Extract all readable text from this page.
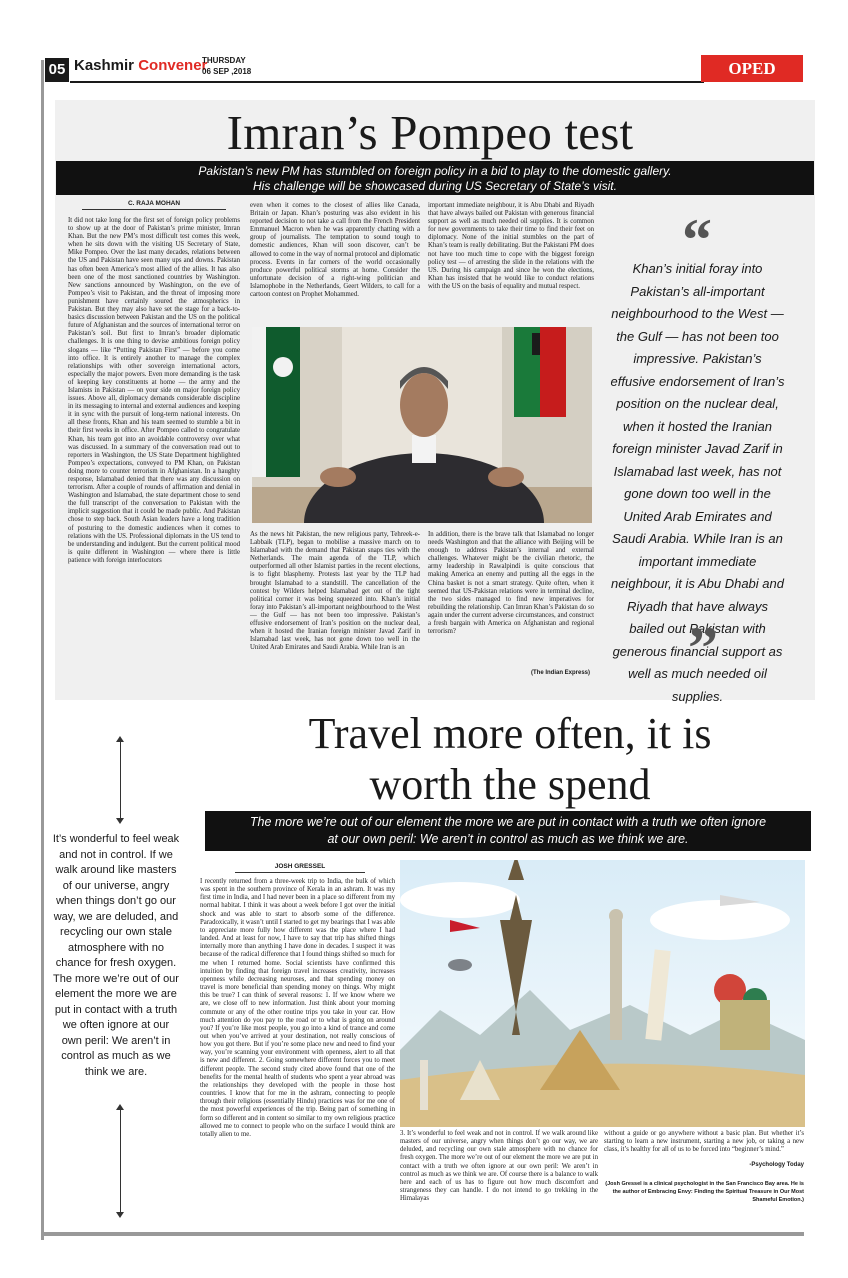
05 Kashmir Convener
THURSDAY
06 SEP ,2018	OPED
Imran’s Pompeo test
Pakistan’s new PM has stumbled on foreign policy in a bid to play to the domestic gallery.
His challenge will be showcased during US Secretary of State’s visit.
C. RAJA MOHAN
It did not take long for the first set of foreign policy problems to show up at the door of Pakistan’s prime minister, Imran Khan. But the new PM’s most difficult test comes this week, when he sits down with the visiting US Secretary of State, Mike Pompeo. Over the last many decades, relations between the US and Pakistan have seen many ups and downs. Pakistan has often been America’s most allied of the allies. It has also been one of the most sanctioned countries by Washington. New sanctions announced by Washington, on the eve of Pompeo’s visit to Pakistan, and the threat of imposing more punishment have certainly soured the atmospherics in Pakistan. But they may also have set the stage for a back-to-basics discussion between Pakistan and the US on the political future of Afghanistan and the sources of international terror on Pakistan’s soil. But first to Imran’s broader diplomatic challenges. It is one thing to devise ambitious foreign policy slogans — like “Putting Pakistan First” — before you come into office. It is entirely another to manage the complex relationships with other sovereign international actors, especially the major powers. Even more demanding is the task of keeping key constituents at home — the army and the Islamists in Pakistan — on your side on major foreign policy issues. Above all, diplomacy demands considerable discipline in its messaging to internal and external audiences and keeping it in sync with the pursuit of long-term national interests. On all these fronts, Khan and his team seemed to stumble a bit in their first weeks in office. After Pompeo called to congratulate Khan, his team got into an avoidable controversy over what was discussed. In a summary of the conversation read out to reporters in Washington, the US State Department highlighted Pompeo’s expectations, conveyed to PM Khan, on Pakistan doing more to counter terrorism in Afghanistan. In a haughty response, Islamabad denied that there was any discussion on terrorism. After a couple of rounds of affirmation and denial in Washington and Islamabad, the state department chose to send the full transcript of the conversation to Pakistan with the implicit suggestion that it could be made public. And Pakistan chose to step back. South Asian leaders have a long tradition of posturing to the domestic audiences when it comes to relations with the US. Professional diplomats in the US tend to be understanding and indulgent. But the current political mood is quite different in Washington — where there is little patience with foreign interlocutors
even when it comes to the closest of allies like Canada, Britain or Japan. Khan’s posturing was also evident in his reported decision to not take a call from the French President Emmanuel Macron when he was apparently chatting with a group of journalists. The temptation to sound tough to domestic audiences, Khan will soon discover, can’t be allowed to come in the way of normal protocol and diplomatic process. Events in far corners of the world occasionally produce powerful political storms at home. Consider the unfortunate decision of a right-wing politician and Islamophobe in the Netherlands, Geert Wilders, to call for a cartoon contest on Prophet Mohammed.
important immediate neighbour, it is Abu Dhabi and Riyadh that have always bailed out Pakistan with generous financial support as well as much needed oil supplies. It is common for new governments to take their time to find their feet on diplomacy. None of the initial stumbles on the part of Khan’s team is really debilitating. But the Pakistani PM does not have too much time to cope with the biggest foreign policy test — of arresting the slide in the relations with the US. During his campaign and since he won the elections, Khan has insisted that he would like to conduct relations with the US on the basis of equality and mutual respect.
As the news hit Pakistan, the new religious party, Tehreek-e-Labbaik (TLP), began to mobilise a massive march on to Islamabad with the demand that Pakistan snaps ties with the Netherlands. The main agenda of the TLP, which outperformed all other Islamist parties in the recent elections, is to fight blasphemy. Protests last year by the TLP had brought Islamabad to a standstill. The cancellation of the contest by Wilders helped Islamabad get out of the tight political corner it was being squeezed into. Khan’s initial foray into Pakistan’s all-important neighbourhood to the West — the Gulf — has not been too impressive. Pakistan’s effusive endorsement of Iran’s position on the nuclear deal, when it hosted the Iranian foreign minister Javad Zarif in Islamabad last week, has not gone down too well in the United Arab Emirates and Saudi Arabia. While Iran is an
In addition, there is the brave talk that Islamabad no longer needs Washington and that the alliance with Beijing will be enough to address Pakistan’s internal and external challenges. Whatever might be the civilian rhetoric, the army leadership in Rawalpindi is quite conscious that making America an enemy and putting all the eggs in the China basket is not a smart strategy. Quite often, when it seemed that US-Pakistan relations were in terminal decline, the two sides managed to find new imperatives for rebuilding the relationship. Can Imran Khan’s Pakistan do so again under the current adverse circumstances, and construct a fresh bargain with America on Afghanistan and regional terrorism?
(The Indian Express)
“
Khan’s initial foray into Pakistan’s all-important neighbourhood to the West — the Gulf — has not been too impressive. Pakistan’s effusive endorsement of Iran’s position on the nuclear deal, when it hosted the Iranian foreign minister Javad Zarif in Islamabad last week, has not gone down too well in the United Arab Emirates and Saudi Arabia. While Iran is an important immediate neighbour, it is Abu Dhabi and Riyadh that have always bailed out Pakistan with generous financial support as well as much needed oil supplies.
”
Travel more often, it is
worth the spend
The more we’re out of our element the more we are put in contact with a truth we often ignore
at our own peril: We aren’t in control as much as we think we are.
It’s wonderful to feel weak and not in control. If we walk around like masters of our universe, angry when things don’t go our way, we are deluded, and recycling our own stale atmosphere with no chance for fresh oxygen. The more we’re out of our element the more we are put in contact with a truth we often ignore at our own peril: We aren’t in control as much as we think we are.
JOSH GRESSEL
I recently returned from a three-week trip to India, the bulk of which was spent in the southern province of Kerala in an ashram. It was my first time in India, and I had never been in a place so different from my normal habitat. I think it was about a week before I got over the initial shock and was able to start to absorb some of the difference. Paradoxically, it wasn’t until I started to get my bearings that I was able to appreciate more fully how different was the place where I had landed. And at least for now, I have to say that trip has shifted things internally more than anything I have done in decades. I suspect it was because of the radical difference that I found things shifted so much for me when I returned home. Social scientists have confirmed this intuition by finding that foreign travel increases creativity, increases openness while decreasing neuroses, and that spending money on travel is more beneficial than spending money on things. Why might this be true? I can think of several reasons: 1. If we know where we are, we close off to new information. Just think about your morning commute or any of the other routine trips you take in your car. How much attention do you pay to the road or to what is going on around you? If you’re like most people, you go into a kind of trance and come out when you’ve arrived at your destination, not really conscious of how you got there. But if you’re some place new and need to find your way, you’re scanning your environment with openness, alert to all that is new and different. 2. Going somewhere different forces you to meet different people. The second study cited above found that one of the benefits for the mental health of students who spent a year abroad was the relationships they developed with the people in those host countries. I know that for me in the ashram, connecting to people through their religious (essentially Hindu) practices was for me one of the most powerful experiences of the trip. Being part of something in form so different and in content so similar to my own religious practice allowed me to connect to people who on the surface I would think are totally alien to me.	3. It’s wonderful to feel weak and not in control. If we walk around like masters of our universe, angry when things don’t go our way, we are deluded, and recycling our own stale atmosphere with no chance for fresh oxygen. The more we’re out of our element the more we are put in contact with a truth we often ignore at our own peril: We aren’t in control as much as we think we are. Of course there is a balance to walk here and each of us has to figure out how much discomfort and strangeness they can handle. I do not intend to go trekking in the Himalayas
without a guide or go anywhere without a basic plan. But whether it’s starting to learn a new instrument, starting a new job, or taking a new class, it’s healthy for all of us to be forced into “beginner’s mind.”
-Psychology Today
(Josh Gressel is a clinical psychologist in the San Francisco Bay area. He is the author of Embracing Envy: Finding the Spiritual Treasure in Our Most Shameful Emotion.)
